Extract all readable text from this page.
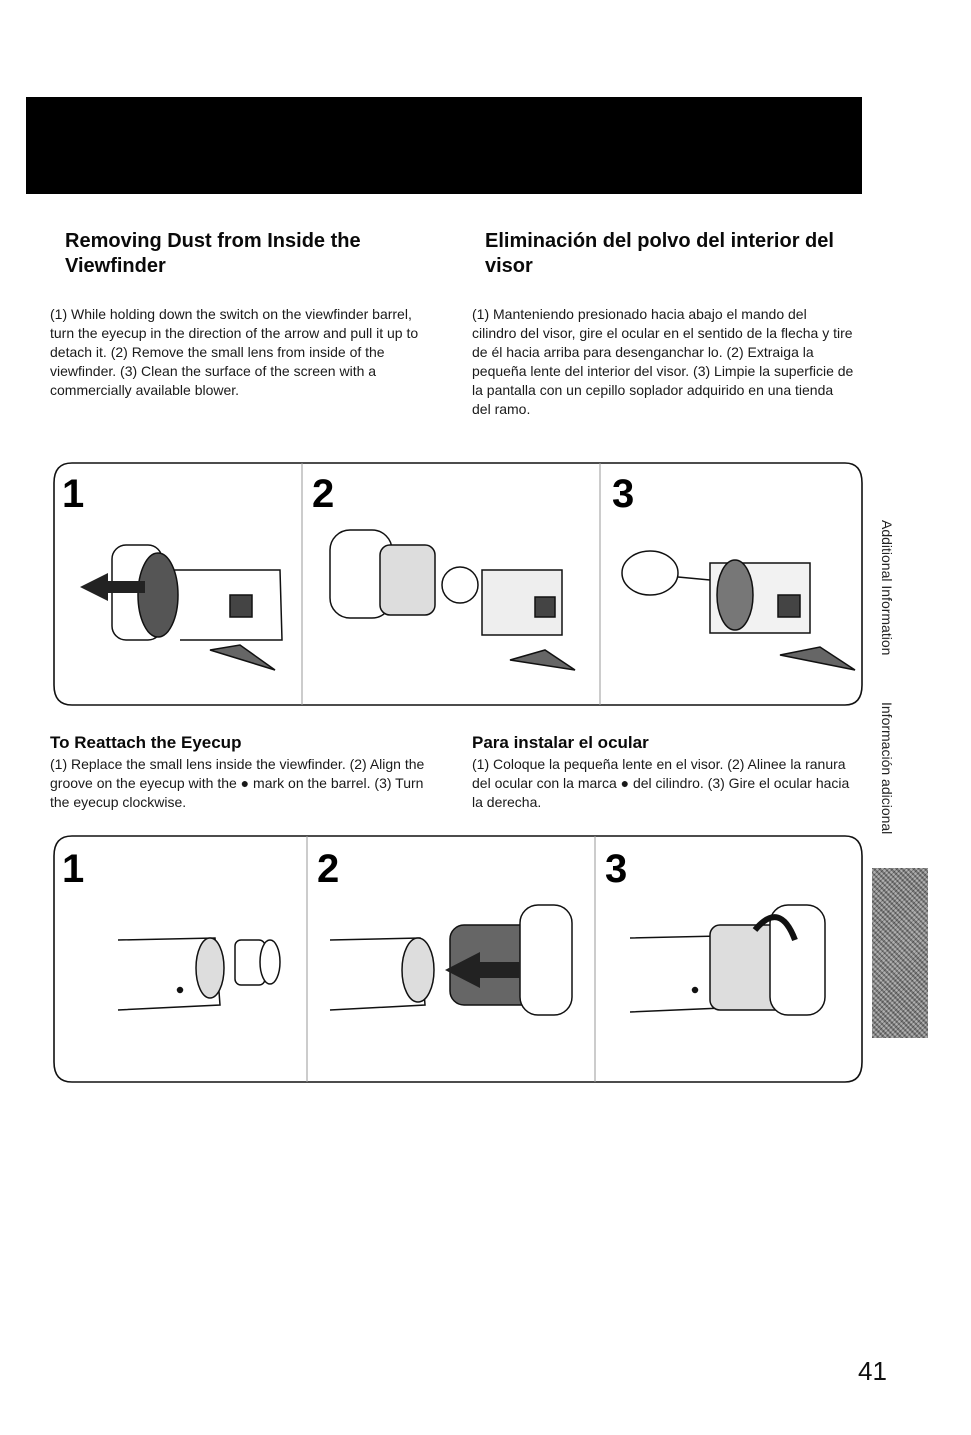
Removing Dust from Inside the Viewfinder
Eliminación del polvo del interior del visor

(1) While holding down the switch on the viewfinder barrel, turn the eyecup in the direction of the arrow and pull it up to detach it. (2) Remove the small lens from inside of the viewfinder. (3) Clean the surface of the screen with a commercially available blower.

(1) Manteniendo presionado hacia abajo el mando del cilindro del visor, gire el ocular en el sentido de la flecha y tire de él hacia arriba para desenganchar lo. (2) Extraiga la pequeña lente del interior del visor. (3) Limpie la superficie de la pantalla con un cepillo soplador adquirido en una tienda del ramo.

1	2	3
To Reattach the Eyecup	Para instalar el ocular

(1) Replace the small lens inside the viewfinder. (2) Align the groove on the eyecup with the ● mark on the barrel. (3) Turn the eyecup clockwise.

(1) Coloque la pequeña lente en el visor. (2) Alinee la ranura del ocular con la marca ● del cilindro. (3) Gire el ocular hacia la derecha.

1	2	3
Additional Information
Información adicional
41
